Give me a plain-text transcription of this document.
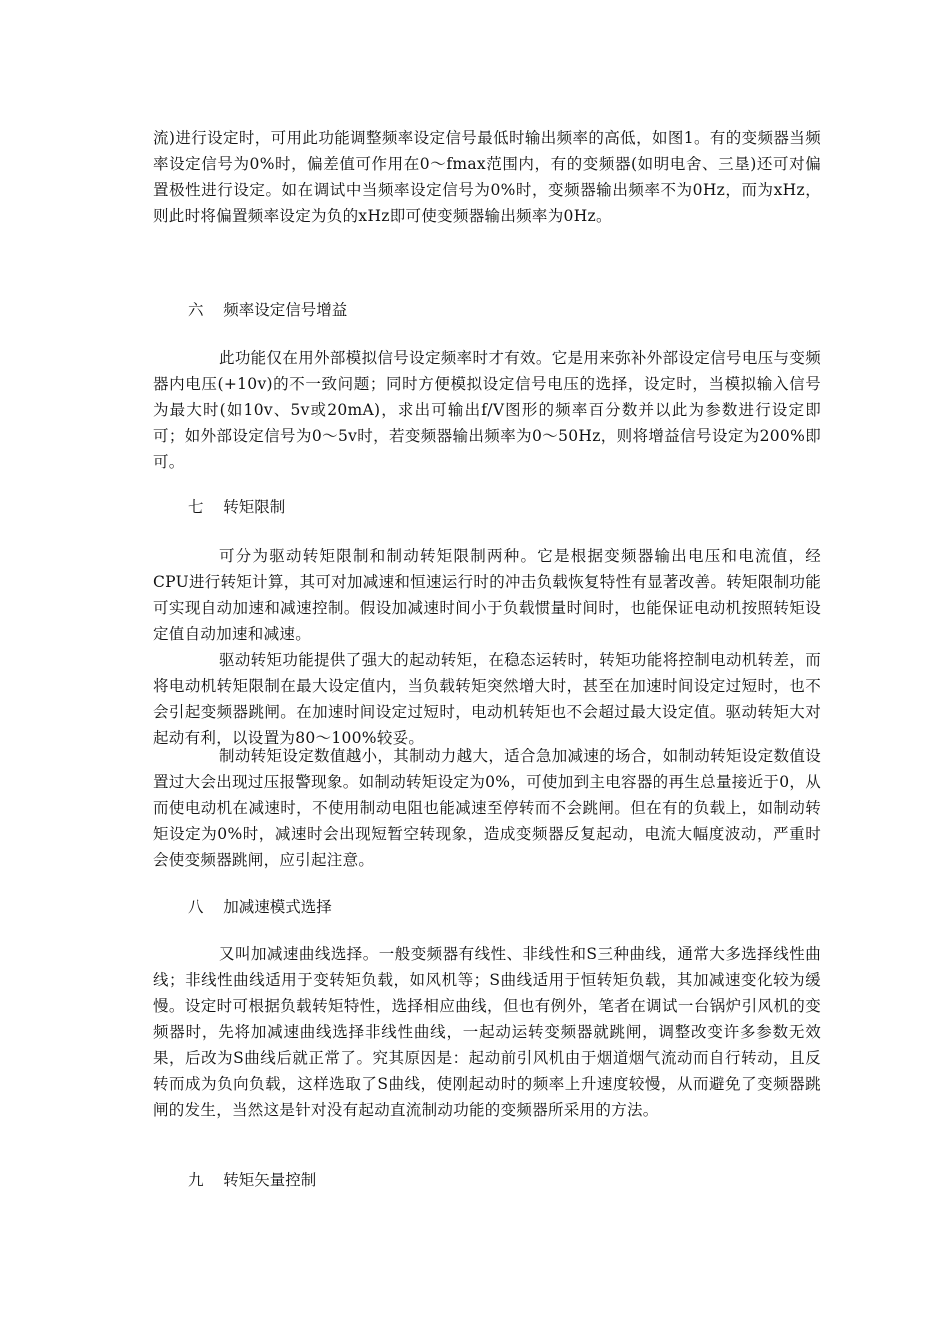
流)进行设定时，可用此功能调整频率设定信号最低时输出频率的高低，如图1。有的变频器当频率设定信号为0%时，偏差值可作用在0～fmax范围内，有的变频器(如明电舍、三垦)还可对偏置极性进行设定。如在调试中当频率设定信号为0%时，变频器输出频率不为0Hz，而为xHz，则此时将偏置频率设定为负的xHz即可使变频器输出频率为0Hz。

六    频率设定信号增益

此功能仅在用外部模拟信号设定频率时才有效。它是用来弥补外部设定信号电压与变频器内电压(+10v)的不一致问题；同时方便模拟设定信号电压的选择，设定时，当模拟输入信号为最大时(如10v、5v或20mA)，求出可输出f/V图形的频率百分数并以此为参数进行设定即可；如外部设定信号为0～5v时，若变频器输出频率为0～50Hz，则将增益信号设定为200%即可。

七    转矩限制

可分为驱动转矩限制和制动转矩限制两种。它是根据变频器输出电压和电流值，经CPU进行转矩计算，其可对加减速和恒速运行时的冲击负载恢复特性有显著改善。转矩限制功能可实现自动加速和减速控制。假设加减速时间小于负载惯量时间时，也能保证电动机按照转矩设定值自动加速和减速。

驱动转矩功能提供了强大的起动转矩，在稳态运转时，转矩功能将控制电动机转差，而将电动机转矩限制在最大设定值内，当负载转矩突然增大时，甚至在加速时间设定过短时，也不会引起变频器跳闸。在加速时间设定过短时，电动机转矩也不会超过最大设定值。驱动转矩大对起动有利，以设置为80～100%较妥。

制动转矩设定数值越小，其制动力越大，适合急加减速的场合，如制动转矩设定数值设置过大会出现过压报警现象。如制动转矩设定为0%，可使加到主电容器的再生总量接近于0，从而使电动机在减速时，不使用制动电阻也能减速至停转而不会跳闸。但在有的负载上，如制动转矩设定为0%时，减速时会出现短暂空转现象，造成变频器反复起动，电流大幅度波动，严重时会使变频器跳闸，应引起注意。

八    加减速模式选择

又叫加减速曲线选择。一般变频器有线性、非线性和S三种曲线，通常大多选择线性曲线；非线性曲线适用于变转矩负载，如风机等；S曲线适用于恒转矩负载，其加减速变化较为缓慢。设定时可根据负载转矩特性，选择相应曲线，但也有例外，笔者在调试一台锅炉引风机的变频器时，先将加减速曲线选择非线性曲线，一起动运转变频器就跳闸，调整改变许多参数无效果，后改为S曲线后就正常了。究其原因是：起动前引风机由于烟道烟气流动而自行转动，且反转而成为负向负载，这样选取了S曲线，使刚起动时的频率上升速度较慢，从而避免了变频器跳闸的发生，当然这是针对没有起动直流制动功能的变频器所采用的方法。

九    转矩矢量控制
